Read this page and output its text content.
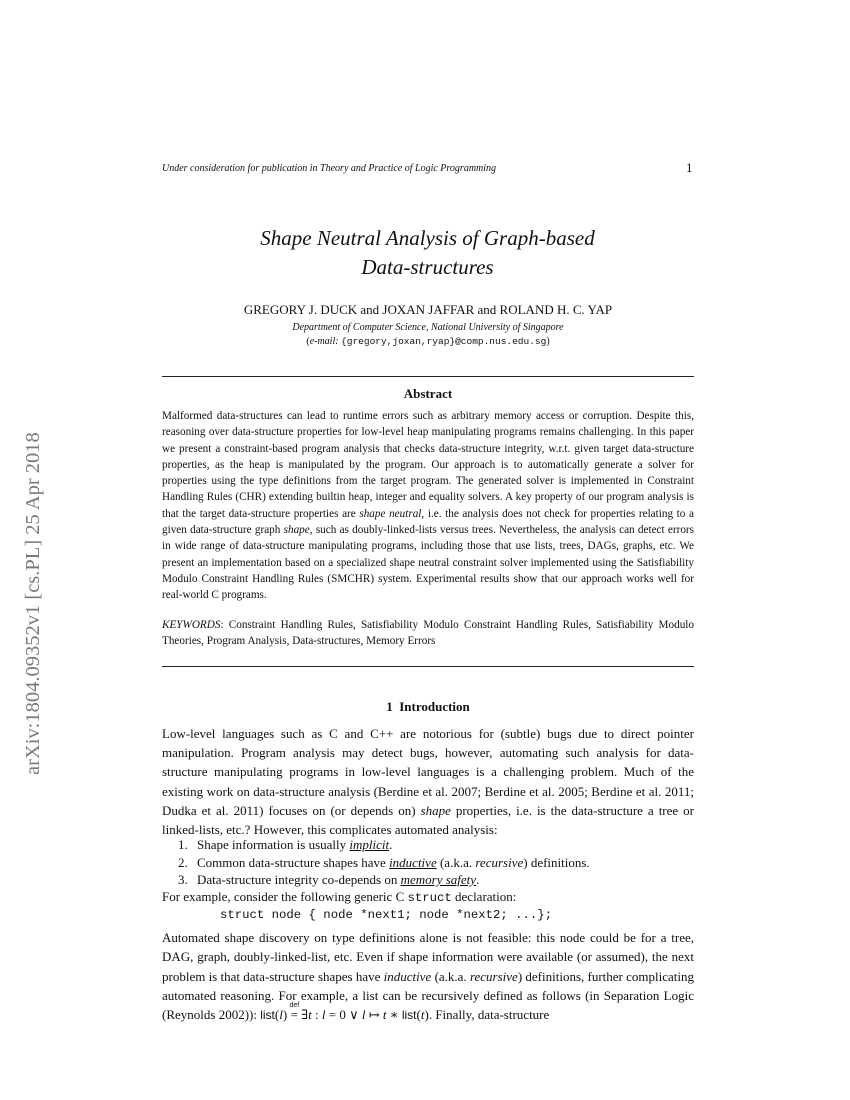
arXiv:1804.09352v1 [cs.PL] 25 Apr 2018
Under consideration for publication in Theory and Practice of Logic Programming	1
Shape Neutral Analysis of Graph-based
Data-structures
GREGORY J. DUCK and JOXAN JAFFAR and ROLAND H. C. YAP
Department of Computer Science, National University of Singapore
(e-mail: {gregory,joxan,ryap}@comp.nus.edu.sg)
Abstract

Malformed data-structures can lead to runtime errors such as arbitrary memory access or corruption. Despite this, reasoning over data-structure properties for low-level heap manipulating programs remains challenging. In this paper we present a constraint-based program analysis that checks data-structure integrity, w.r.t. given target data-structure properties, as the heap is manipulated by the program. Our approach is to automatically generate a solver for properties using the type definitions from the target program. The generated solver is implemented in Constraint Handling Rules (CHR) extending builtin heap, integer and equality solvers. A key property of our program analysis is that the target data-structure properties are shape neutral, i.e. the analysis does not check for properties relating to a given data-structure graph shape, such as doubly-linked-lists versus trees. Nevertheless, the analysis can detect errors in wide range of data-structure manipulating programs, including those that use lists, trees, DAGs, graphs, etc. We present an implementation based on a specialized shape neutral constraint solver implemented using the Satisfiability Modulo Constraint Handling Rules (SMCHR) system. Experimental results show that our approach works well for real-world C programs.

KEYWORDS: Constraint Handling Rules, Satisfiability Modulo Constraint Handling Rules, Satisfiability Modulo Theories, Program Analysis, Data-structures, Memory Errors

1 Introduction

Low-level languages such as C and C++ are notorious for (subtle) bugs due to direct pointer manipulation. Program analysis may detect bugs, however, automating such analysis for data-structure manipulating programs in low-level languages is a challenging problem. Much of the existing work on data-structure analysis (Berdine et al. 2007; Berdine et al. 2005; Berdine et al. 2011; Dudka et al. 2011) focuses on (or depends on) shape properties, i.e. is the data-structure a tree or linked-lists, etc.? However, this complicates automated analysis:

1. Shape information is usually implicit.
2. Common data-structure shapes have inductive (a.k.a. recursive) definitions.
3. Data-structure integrity co-depends on memory safety.
For example, consider the following generic C struct declaration:
struct node { node *next1; node *next2; ...};

Automated shape discovery on type definitions alone is not feasible: this node could be for a tree, DAG, graph, doubly-linked-list, etc. Even if shape information were available (or assumed), the next problem is that data-structure shapes have inductive (a.k.a. recursive) definitions, further complicating automated reasoning. For example, a list can be recursively defined as follows (in Separation Logic (Reynolds 2002)): list(l)
def
= ∃t : l = 0 ∨ l ↦ t ∗ list(t). Finally, data-structure
